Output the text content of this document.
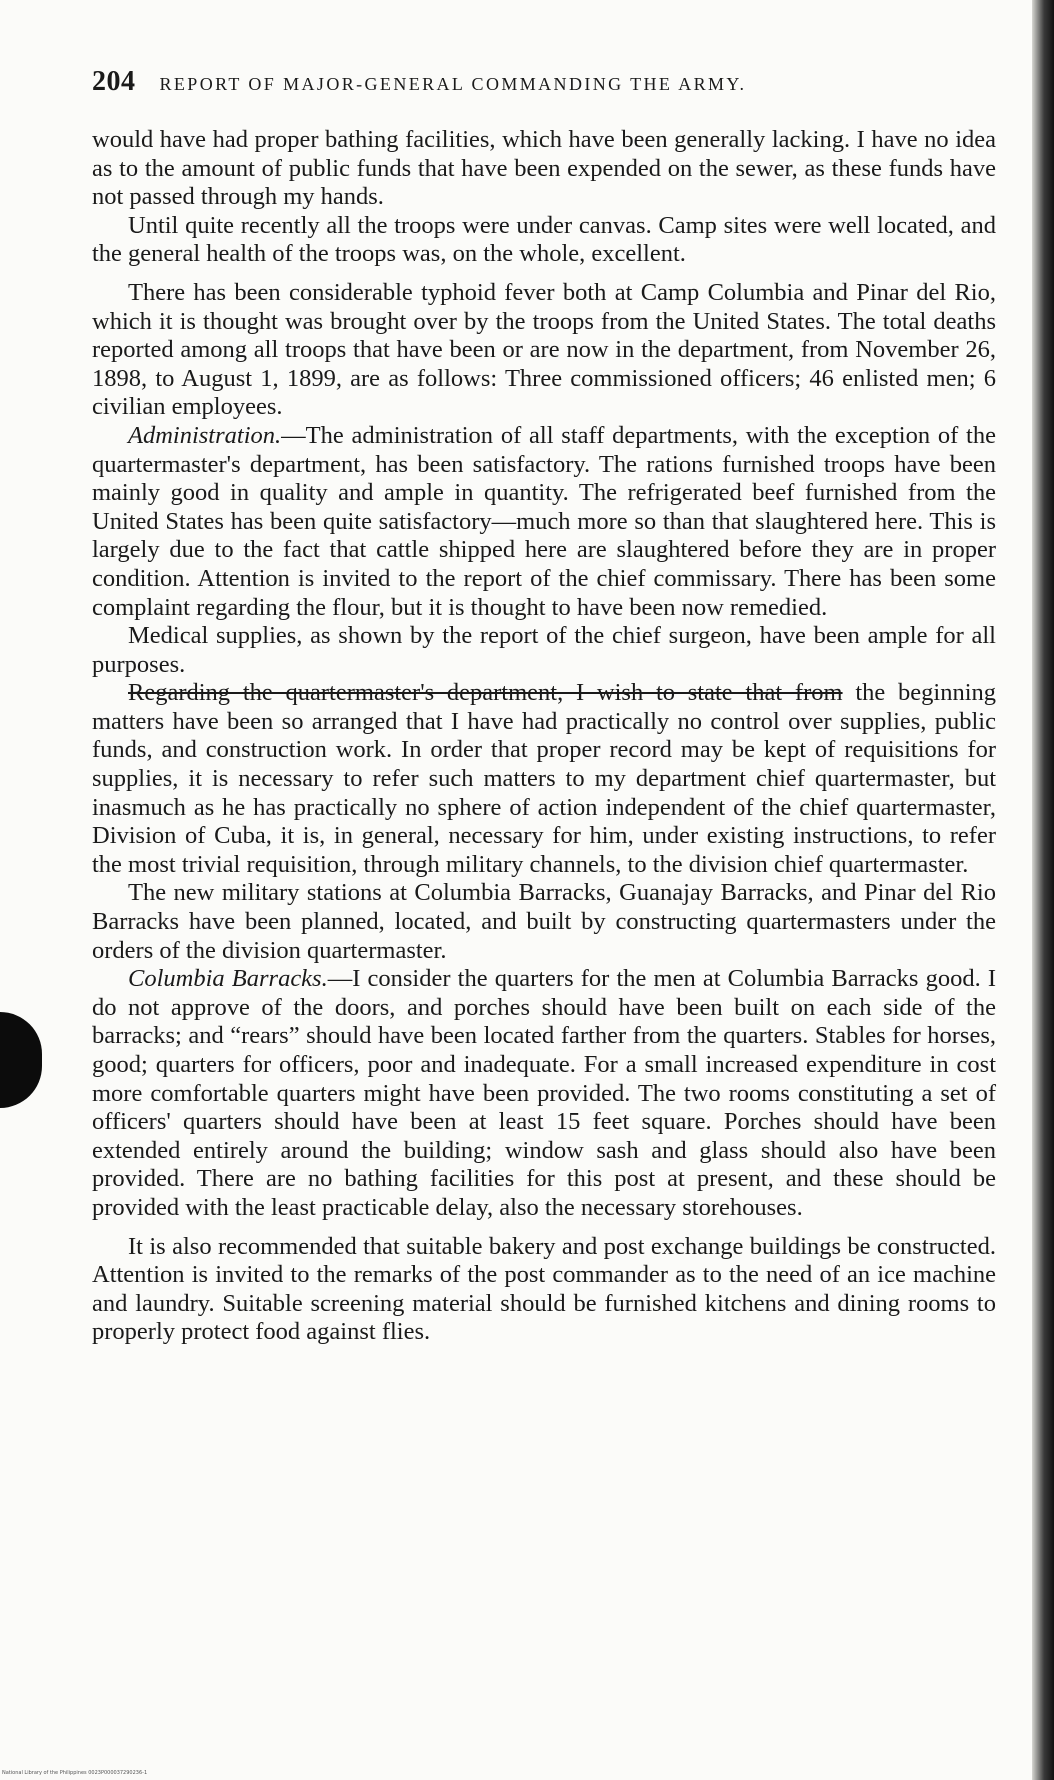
204 REPORT OF MAJOR-GENERAL COMMANDING THE ARMY.

would have had proper bathing facilities, which have been generally lacking. I have no idea as to the amount of public funds that have been expended on the sewer, as these funds have not passed through my hands.

Until quite recently all the troops were under canvas. Camp sites were well located, and the general health of the troops was, on the whole, excellent.

There has been considerable typhoid fever both at Camp Columbia and Pinar del Rio, which it is thought was brought over by the troops from the United States. The total deaths reported among all troops that have been or are now in the department, from November 26, 1898, to August 1, 1899, are as follows: Three commissioned officers; 46 enlisted men; 6 civilian employees.

Administration.—The administration of all staff departments, with the exception of the quartermaster's department, has been satisfactory. The rations furnished troops have been mainly good in quality and ample in quantity. The refrigerated beef furnished from the United States has been quite satisfactory—much more so than that slaughtered here. This is largely due to the fact that cattle shipped here are slaughtered before they are in proper condition. Attention is invited to the report of the chief commissary. There has been some complaint regarding the flour, but it is thought to have been now remedied.

Medical supplies, as shown by the report of the chief surgeon, have been ample for all purposes.

Regarding the quartermaster's department, I wish to state that from the beginning matters have been so arranged that I have had practically no control over supplies, public funds, and construction work. In order that proper record may be kept of requisitions for supplies, it is necessary to refer such matters to my department chief quartermaster, but inasmuch as he has practically no sphere of action independent of the chief quartermaster, Division of Cuba, it is, in general, necessary for him, under existing instructions, to refer the most trivial requisition, through military channels, to the division chief quartermaster.

The new military stations at Columbia Barracks, Guanajay Barracks, and Pinar del Rio Barracks have been planned, located, and built by constructing quartermasters under the orders of the division quartermaster.

Columbia Barracks.—I consider the quarters for the men at Columbia Barracks good. I do not approve of the doors, and porches should have been built on each side of the barracks; and “rears” should have been located farther from the quarters. Stables for horses, good; quarters for officers, poor and inadequate. For a small increased expenditure in cost more comfortable quarters might have been provided. The two rooms constituting a set of officers' quarters should have been at least 15 feet square. Porches should have been extended entirely around the building; window sash and glass should also have been provided. There are no bathing facilities for this post at present, and these should be provided with the least practicable delay, also the necessary storehouses.

It is also recommended that suitable bakery and post exchange buildings be constructed. Attention is invited to the remarks of the post commander as to the need of an ice machine and laundry. Suitable screening material should be furnished kitchens and dining rooms to properly protect food against flies.

National Library of the Philippines 0023P000037290236-1
